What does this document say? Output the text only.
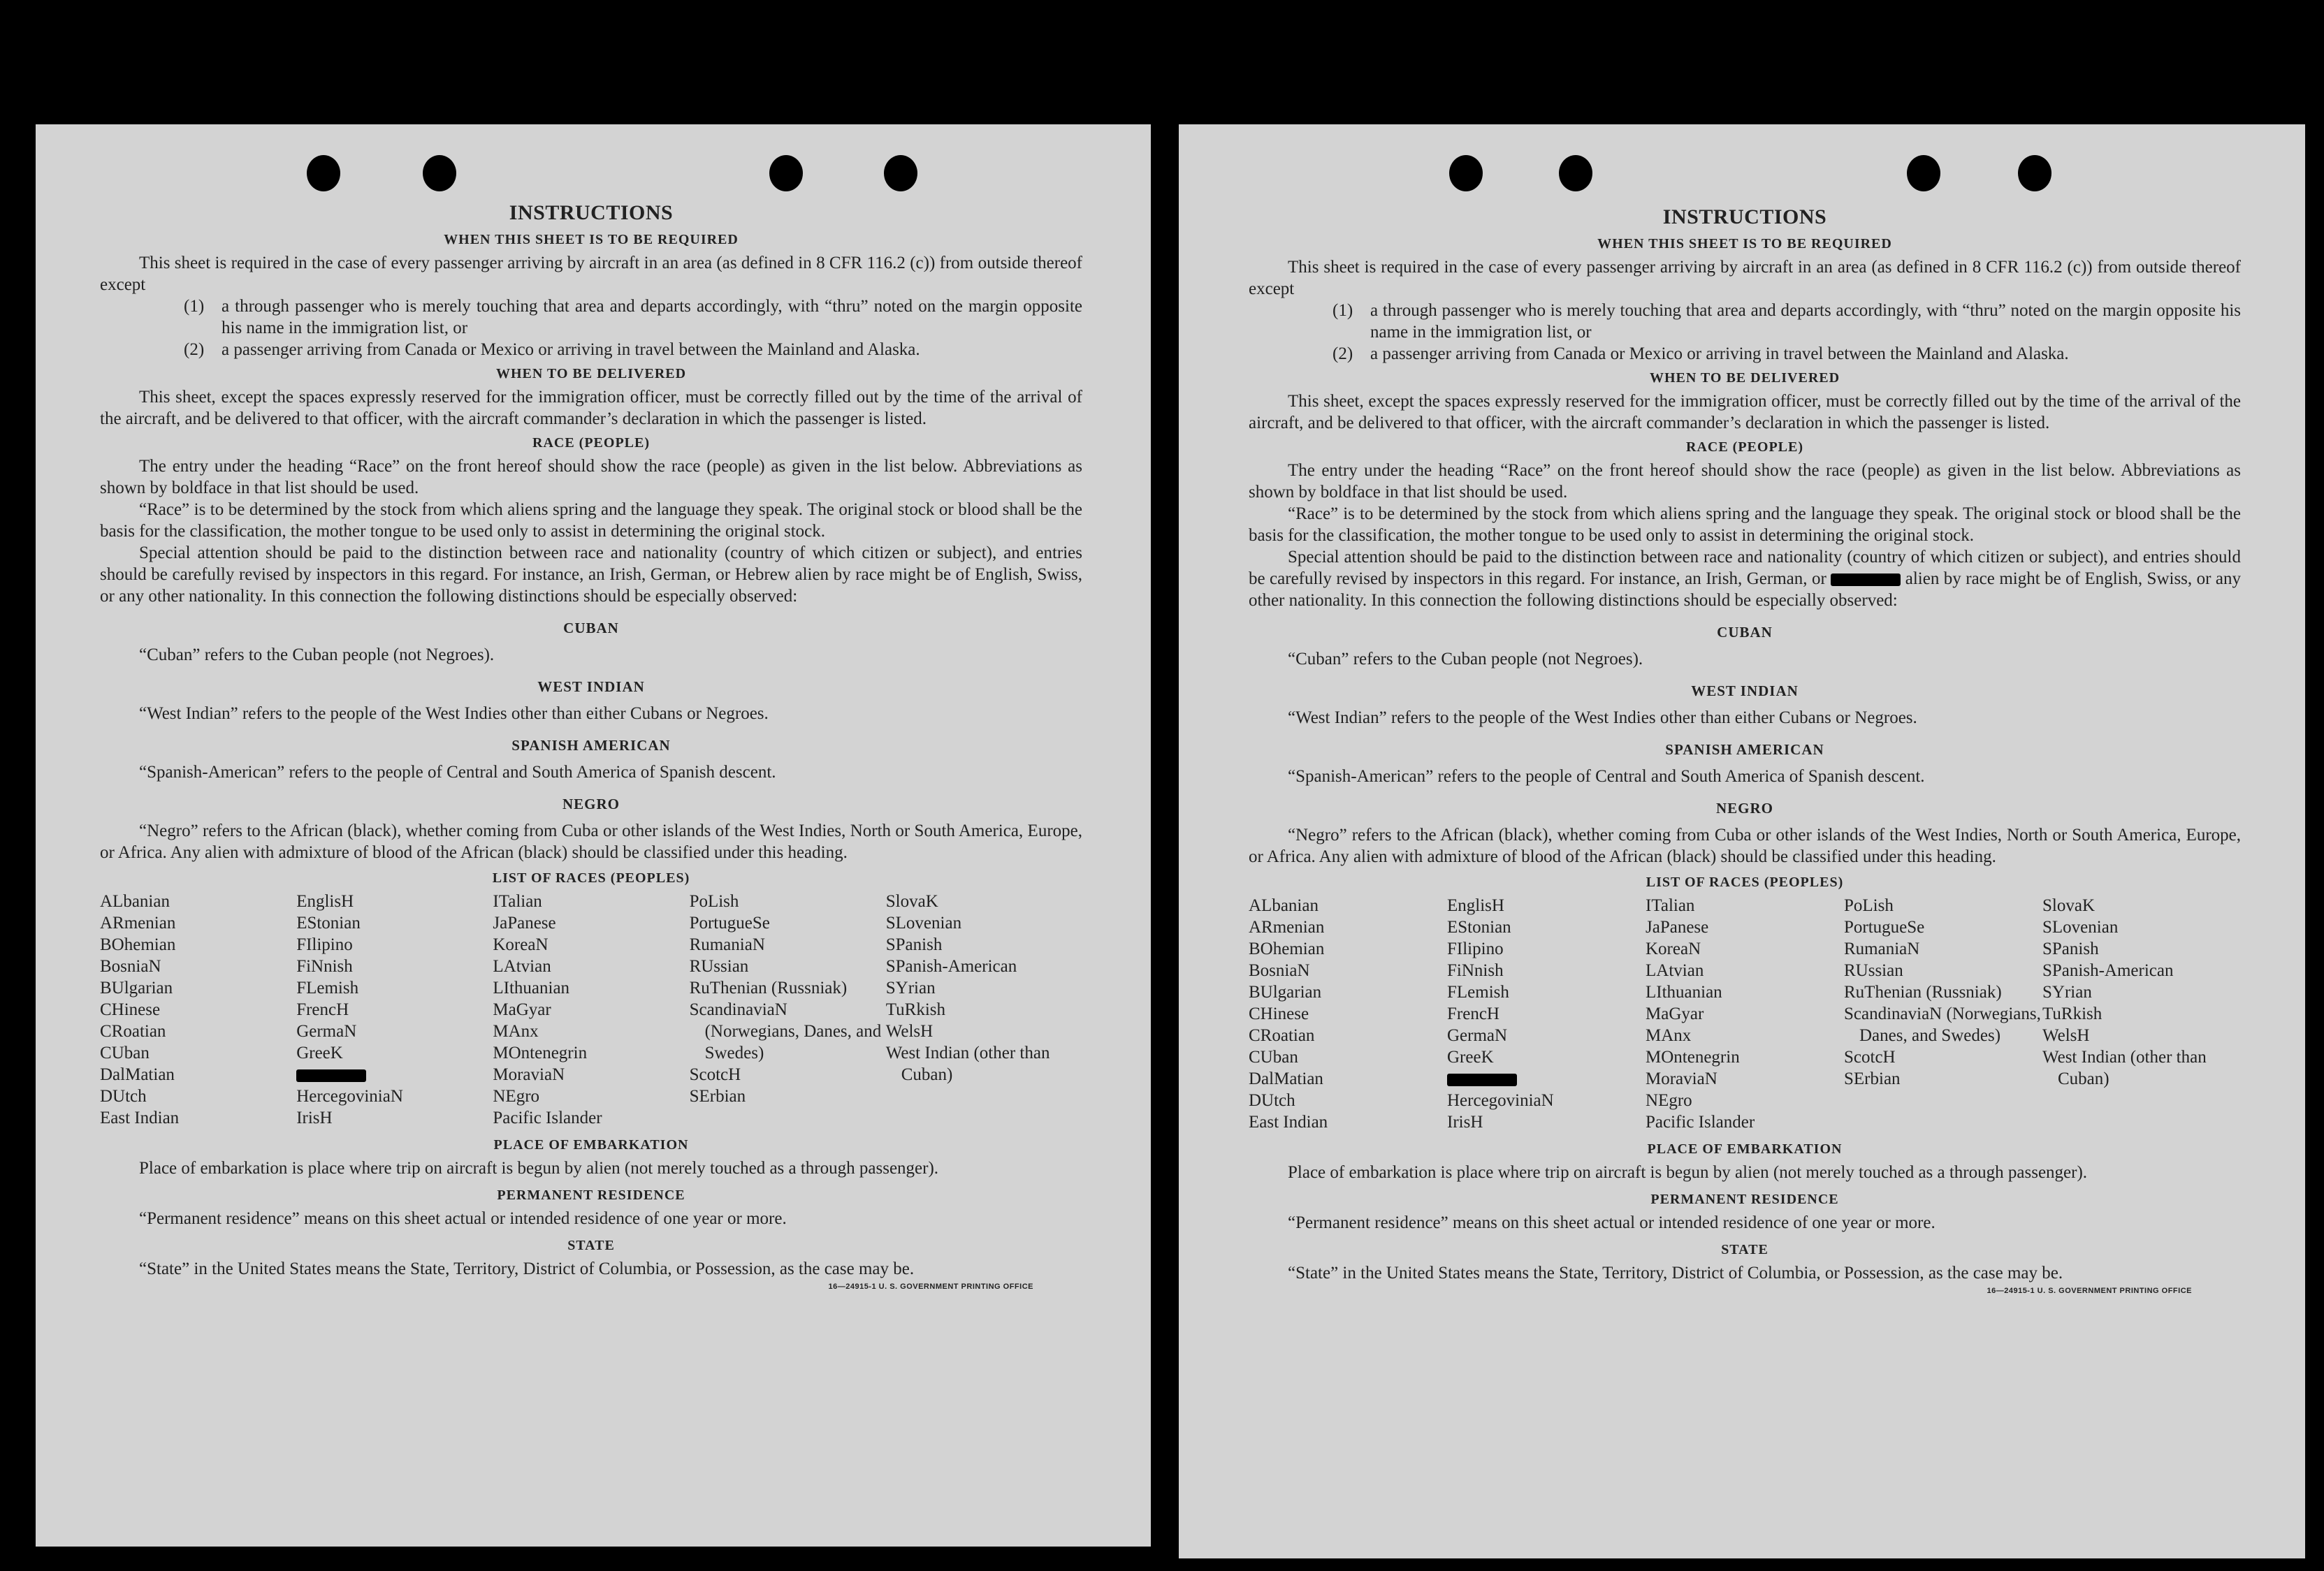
INSTRUCTIONS
WHEN THIS SHEET IS TO BE REQUIRED

This sheet is required in the case of every passenger arriving by aircraft in an area (as defined in 8 CFR 116.2 (c)) from outside thereof except

(1) a through passenger who is merely touching that area and departs accordingly, with “thru” noted on the margin opposite his name in the immigration list, or
(2) a passenger arriving from Canada or Mexico or arriving in travel between the Mainland and Alaska.
WHEN TO BE DELIVERED

This sheet, except the spaces expressly reserved for the immigration officer, must be correctly filled out by the time of the arrival of the aircraft, and be delivered to that officer, with the aircraft commander’s declaration in which the passenger is listed.

RACE (PEOPLE)

The entry under the heading “Race” on the front hereof should show the race (people) as given in the list below. Abbreviations as shown by boldface in that list should be used.

“Race” is to be determined by the stock from which aliens spring and the language they speak. The original stock or blood shall be the basis for the classification, the mother tongue to be used only to assist in determining the original stock.

Special attention should be paid to the distinction between race and nationality (country of which citizen or subject), and entries should be carefully revised by inspectors in this regard. For instance, an Irish, German, or Hebrew alien by race might be of English, Swiss, or any other nationality. In this connection the following distinctions should be especially observed:

CUBAN

“Cuban” refers to the Cuban people (not Negroes).

WEST INDIAN

“West Indian” refers to the people of the West Indies other than either Cubans or Negroes.

SPANISH AMERICAN

“Spanish-American” refers to the people of Central and South America of Spanish descent.

NEGRO

“Negro” refers to the African (black), whether coming from Cuba or other islands of the West Indies, North or South America, Europe, or Africa. Any alien with admixture of blood of the African (black) should be classified under this heading.

LIST OF RACES (PEOPLES)
ALbanian
ARmenian
BOhemian
BosniaN
BUlgarian
CHinese
CRoatian
CUban
DalMatian
DUtch
East Indian
EnglisH
EStonian
FIlipino
FiNnish
FLemish
FrencH
GermaN
GreeK
HercegoviniaN
IrisH
ITalian
JaPanese
KoreaN
LAtvian
LIthuanian
MaGyar
MAnx
MOntenegrin
MoraviaN
NEgro
Pacific Islander
PoLish
PortugueSe
RumaniaN
RUssian
RuThenian (Russniak)
ScandinaviaN (Norwegians, Danes, and Swedes)
ScotcH
SErbian
SlovaK
SLovenian
SPanish
SPanish-American
SYrian
TuRkish
WelsH
West Indian (other than Cuban)
PLACE OF EMBARKATION

Place of embarkation is place where trip on aircraft is begun by alien (not merely touched as a through passenger).

PERMANENT RESIDENCE

“Permanent residence” means on this sheet actual or intended residence of one year or more.

STATE

“State” in the United States means the State, Territory, District of Columbia, or Possession, as the case may be.

16—24915-1 U. S. GOVERNMENT PRINTING OFFICE
INSTRUCTIONS
WHEN THIS SHEET IS TO BE REQUIRED

This sheet is required in the case of every passenger arriving by aircraft in an area (as defined in 8 CFR 116.2 (c)) from outside thereof except

(1) a through passenger who is merely touching that area and departs accordingly, with “thru” noted on the margin opposite his name in the immigration list, or
(2) a passenger arriving from Canada or Mexico or arriving in travel between the Mainland and Alaska.
WHEN TO BE DELIVERED

This sheet, except the spaces expressly reserved for the immigration officer, must be correctly filled out by the time of the arrival of the aircraft, and be delivered to that officer, with the aircraft commander’s declaration in which the passenger is listed.

RACE (PEOPLE)

The entry under the heading “Race” on the front hereof should show the race (people) as given in the list below. Abbreviations as shown by boldface in that list should be used.

“Race” is to be determined by the stock from which aliens spring and the language they speak. The original stock or blood shall be the basis for the classification, the mother tongue to be used only to assist in determining the original stock.

Special attention should be paid to the distinction between race and nationality (country of which citizen or subject), and entries should be carefully revised by inspectors in this regard. For instance, an Irish, German, or	alien by race might be of English, Swiss, or any other nationality. In this connection the following distinctions should be especially observed:

CUBAN

“Cuban” refers to the Cuban people (not Negroes).

WEST INDIAN

“West Indian” refers to the people of the West Indies other than either Cubans or Negroes.

SPANISH AMERICAN

“Spanish-American” refers to the people of Central and South America of Spanish descent.

NEGRO

“Negro” refers to the African (black), whether coming from Cuba or other islands of the West Indies, North or South America, Europe, or Africa. Any alien with admixture of blood of the African (black) should be classified under this heading.

LIST OF RACES (PEOPLES)
ALbanian
ARmenian
BOhemian
BosniaN
BUlgarian
CHinese
CRoatian
CUban
DalMatian
DUtch
East Indian
EnglisH
EStonian
FIlipino
FiNnish
FLemish
FrencH
GermaN
GreeK
HercegoviniaN
IrisH
ITalian
JaPanese
KoreaN
LAtvian
LIthuanian
MaGyar
MAnx
MOntenegrin
MoraviaN
NEgro
Pacific Islander
PoLish
PortugueSe
RumaniaN
RUssian
RuThenian (Russniak)
ScandinaviaN (Norwegians, Danes, and Swedes)
ScotcH
SErbian
SlovaK
SLovenian
SPanish
SPanish-American
SYrian
TuRkish
WelsH
West Indian (other than Cuban)
PLACE OF EMBARKATION

Place of embarkation is place where trip on aircraft is begun by alien (not merely touched as a through passenger).

PERMANENT RESIDENCE

“Permanent residence” means on this sheet actual or intended residence of one year or more.

STATE

“State” in the United States means the State, Territory, District of Columbia, or Possession, as the case may be.

16—24915-1 U. S. GOVERNMENT PRINTING OFFICE
